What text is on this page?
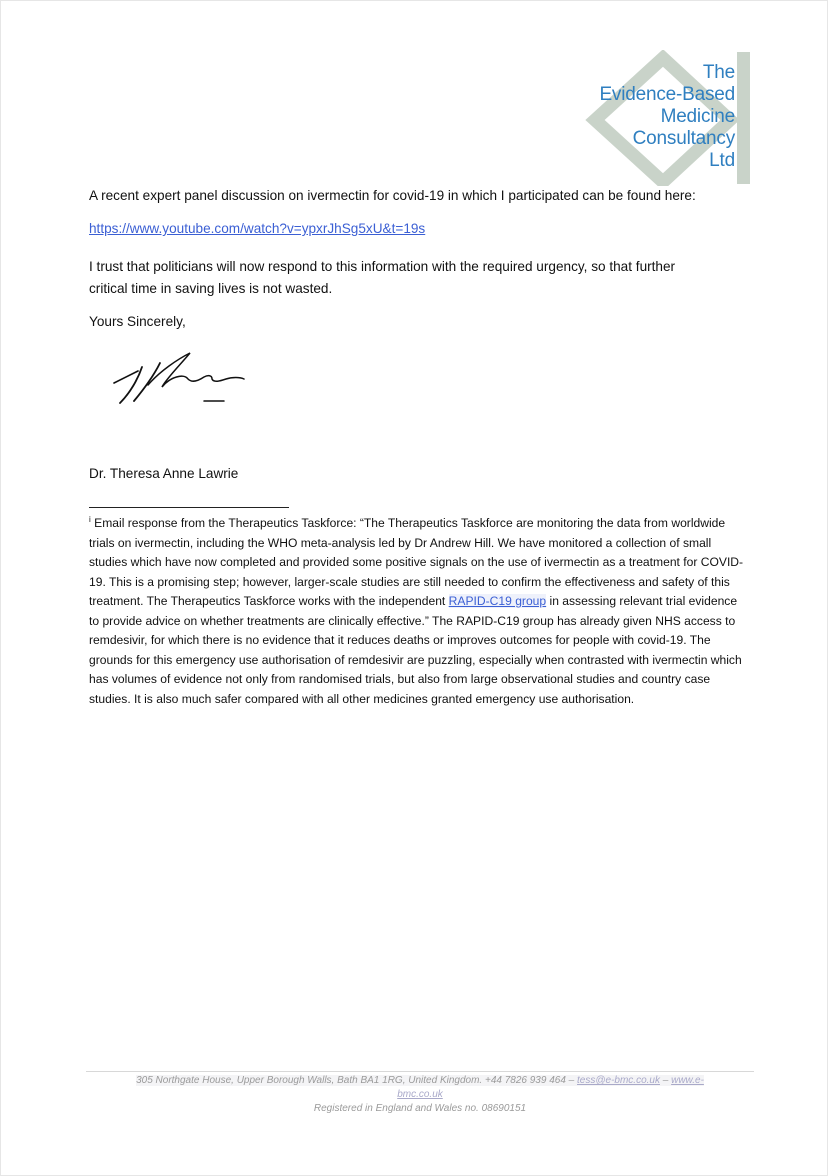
The
Evidence-Based
Medicine
Consultancy
Ltd
A recent expert panel discussion on ivermectin for covid-19 in which I participated can be found here:
https://www.youtube.com/watch?v=ypxrJhSg5xU&t=19s
I trust that politicians will now respond to this information with the required urgency, so that further
critical time in saving lives is not wasted.
Yours Sincerely,
Dr. Theresa Anne Lawrie
$^i$ Email response from the Therapeutics Taskforce: “The Therapeutics Taskforce are monitoring the data from worldwide trials on ivermectin, including the WHO meta-analysis led by Dr Andrew Hill. We have monitored a collection of small studies which have now completed and provided some positive signals on the use of ivermectin as a treatment for COVID-19. This is a promising step; however, larger-scale studies are still needed to confirm the effectiveness and safety of this treatment. The Therapeutics Taskforce works with the independent RAPID-C19 group in assessing relevant trial evidence to provide advice on whether treatments are clinically effective.” The RAPID-C19 group has already given NHS access to remdesivir, for which there is no evidence that it reduces deaths or improves outcomes for people with covid-19. The grounds for this emergency use authorisation of remdesivir are puzzling, especially when contrasted with ivermectin which has volumes of evidence not only from randomised trials, but also from large observational studies and country case studies. It is also much safer compared with all other medicines granted emergency use authorisation.
305 Northgate House, Upper Borough Walls, Bath BA1 1RG, United Kingdom. +44 7826 939 464 – tess@e-bmc.co.uk – www.e-
bmc.co.uk
Registered in England and Wales no. 08690151
